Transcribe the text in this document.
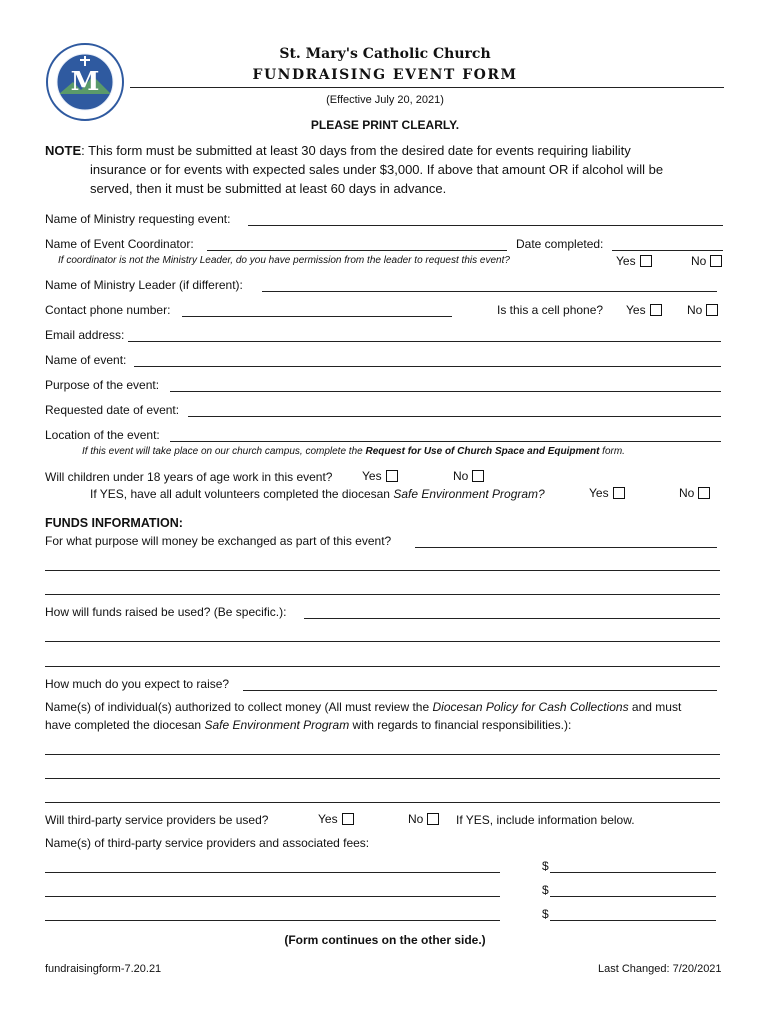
M
St. Mary's Catholic Church
FUNDRAISING EVENT FORM
(Effective July 20, 2021)
PLEASE PRINT CLEARLY.
NOTE: This form must be submitted at least 30 days from the desired date for events requiring liability
insurance or for events with expected sales under $3,000. If above that amount OR if alcohol will be
served, then it must be submitted at least 60 days in advance.
Name of Ministry requesting event:
Name of Event Coordinator:	Date completed:
If coordinator is not the Ministry Leader, do you have permission from the leader to request this event?	Yes	No
Name of Ministry Leader (if different):
Contact phone number:	Is this a cell phone? Yes	No
Email address:
Name of event:
Purpose of the event:
Requested date of event:
Location of the event:
If this event will take place on our church campus, complete the Request for Use of Church Space and Equipment form.
Will children under 18 years of age work in this event? Yes	No
If YES, have all adult volunteers completed the diocesan Safe Environment Program?	Yes	No
FUNDS INFORMATION:
For what purpose will money be exchanged as part of this event?
How will funds raised be used? (Be specific.):
How much do you expect to raise?
Name(s) of individual(s) authorized to collect money (All must review the Diocesan Policy for Cash Collections and must
have completed the diocesan Safe Environment Program with regards to financial responsibilities.):
Will third-party service providers be used?	Yes	No	If YES, include information below.
Name(s) of third-party service providers and associated fees:
$
$
$
(Form continues on the other side.)
fundraisingform-7.20.21	Last Changed: 7/20/2021
